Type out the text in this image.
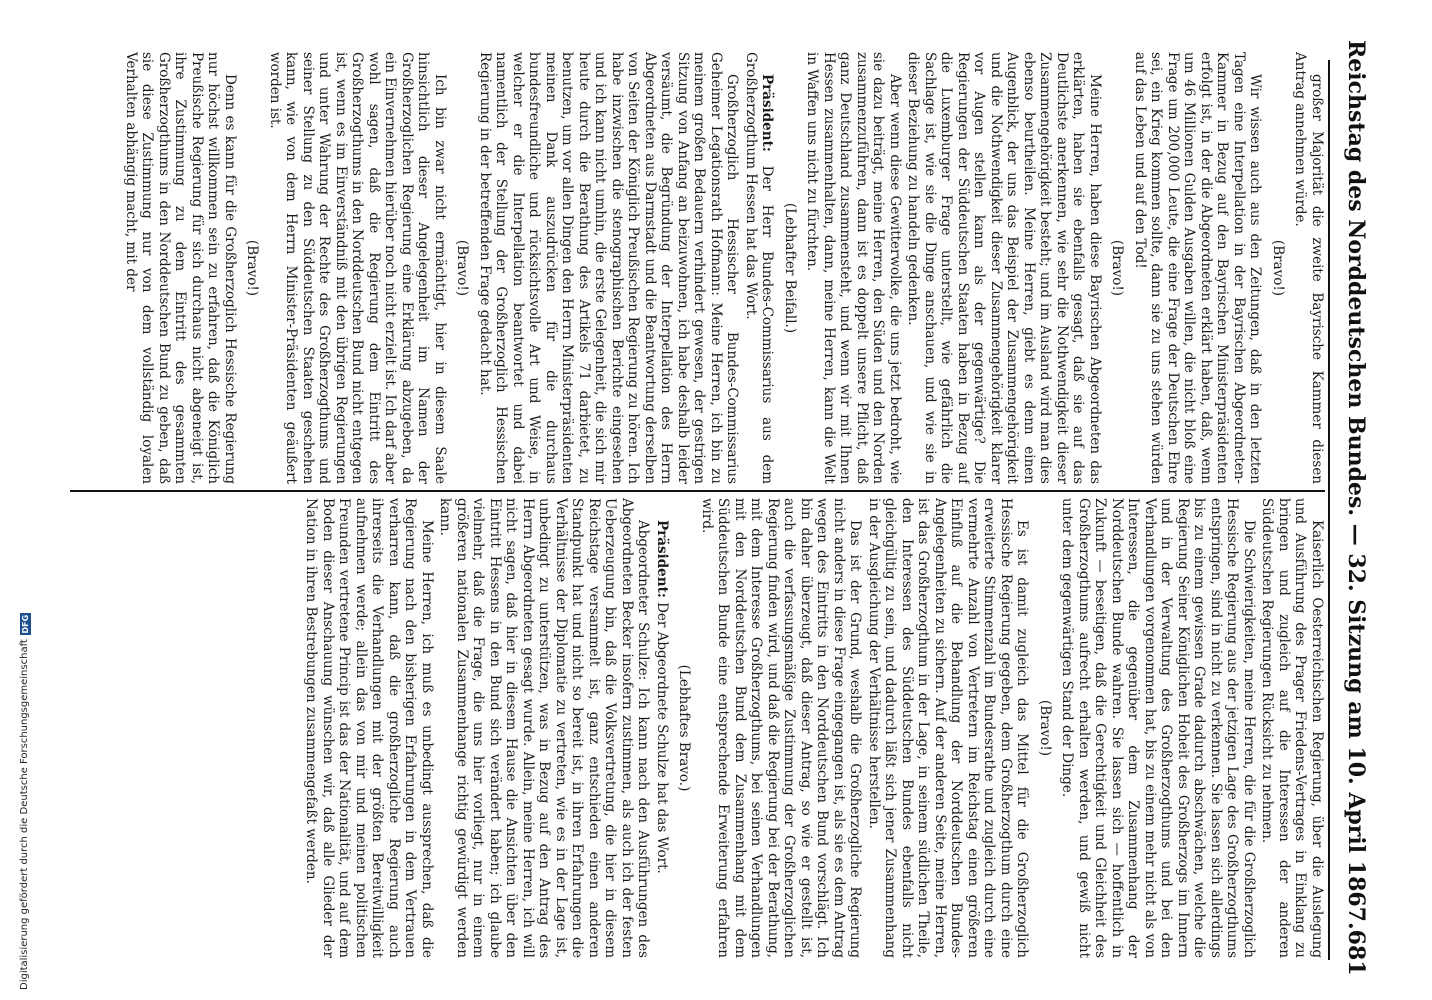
Reichstag des Norddeutschen Bundes. — 32. Sitzung am 10. April 1867.
681

Kaiserlich Oesterreichischen Regierung, über die Auslegung und Ausführung des Prager Friedens-Vertrages in Einklang zu bringen und zugleich auf die Interessen der anderen Süddeutschen Regierungen Rücksicht zu nehmen.

Die Schwierigkeiten, meine Herren, die für die Großherzoglich Hessische Regierung aus der jetzigen Lage des Großherzogthums entspringen, sind in nicht zu verkennen. Sie lassen sich allerdings bis zu einem gewissen Grade dadurch abschwächen, welche die Regierung Seiner Königlichen Hoheit des Großherzogs im Innern und in der Verwaltung des Großherzogthums und bei den Verhandlungen vorgenommen hat, bis zu einem mehr nicht als von Interessen, die gegenüber dem Zusammenhang der Norddeutschen Bunde wahren. Sie lassen sich — hoffentlich in Zukunft — beseitigen, daß die Gerechtigkeit und Gleichheit des Großherzogthums aufrecht erhalten werden, und gewiß nicht unter dem gegenwärtigen Stand der Dinge.

(Bravo!)

Es ist damit zugleich das Mittel für die Großherzoglich Hessische Regierung gegeben, dem Großherzogthum durch eine erweiterte Stimmenzahl im Bundesrathe und zugleich durch eine vermehrte Anzahl von Vertretern im Reichstag einen größeren Einfluß auf die Behandlung der Norddeutschen Bundes-Angelegenheiten zu sichern. Auf der anderen Seite, meine Herren, ist das Großherzogthum in der Lage, in seinem südlichen Theile, den Interessen des Süddeutschen Bundes ebenfalls nicht gleichgültig zu sein, und dadurch läßt sich jener Zusammenhang in der Ausgleichung der Verhältnisse herstellen.

Das ist der Grund, weshalb die Großherzogliche Regierung nicht anders in diese Frage eingegangen ist, als sie es dem Antrag wegen des Eintritts in den Norddeutschen Bund vorschlägt. Ich bin daher überzeugt, daß dieser Antrag, so wie er gestellt ist, auch die verfassungsmäßige Zustimmung der Großherzoglichen Regierung finden wird, und daß die Regierung bei der Berathung, mit dem Interesse Großherzogthums, bei seinen Verhandlungen mit den Norddeutschen Bund dem Zusammenhang mit dem Süddeutschen Bunde eine entsprechende Erweiterung erfahren wird.

(Lebhaftes Bravo.)

Präsident: Der Abgeordnete Schulze hat das Wort.

Abgeordneter Schulze: Ich kann nach den Ausführungen des Abgeordneten Becker insofern zustimmen, als auch ich der festen Ueberzeugung bin, daß die Volksvertretung, die hier in diesem Reichstage versammelt ist, ganz entschieden einen anderen Standpunkt hat und nicht so bereit ist, in ihren Erfahrungen die Verhältnisse der Diplomatie zu vertreten, wie es in der Lage ist, unbedingt zu unterstützen, was in Bezug auf den Antrag des Herrn Abgeordneten gesagt wurde. Allein, meine Herren, ich will nicht sagen, daß hier in diesem Hause die Ansichten über den Eintritt Hessens in den Bund sich verändert haben; ich glaube vielmehr, daß die Frage, die uns hier vorliegt, nur in einem größeren nationalen Zusammenhange richtig gewürdigt werden kann.

Meine Herren, ich muß es unbedingt aussprechen, daß die Regierung nach den bisherigen Erfahrungen in dem Vertrauen verharren kann, daß die großherzogliche Regierung auch ihrerseits die Verhandlungen mit der größten Bereitwilligkeit aufnehmen werde; allein das von mir und meinen politischen Freunden vertretene Princip ist das der Nationalität, und auf dem Boden dieser Anschauung wünschen wir, daß alle Glieder der Nation in ihren Bestrebungen zusammengefaßt werden.

großer Majorität die zweite Bayrische Kammer diesen Antrag annehmen würde.

(Bravo!)

Wir wissen auch aus den Zeitungen, daß in den letzten Tagen eine Interpellation in der Bayrischen Abgeordneten-Kammer in Bezug auf den Bayrischen Ministerpräsidenten erfolgt ist, in der die Abgeordneten erklärt haben, daß, wenn um 46 Millionen Gulden Ausgaben willen, die nicht bloß eine Frage um 200,000 Leute, die eine Frage der Deutschen Ehre sei, ein Krieg kommen sollte, dann sie zu uns stehen würden auf das Leben und auf den Tod!

(Bravo!)

Meine Herren, haben diese Bayrischen Abgeordneten das erklärten, haben sie ebenfalls gesagt, daß sie auf das Deutlichste anerkennen, wie sehr die Nothwendigkeit dieser Zusammengehörigkeit besteht; und im Ausland wird man dies ebenso beurtheilen. Meine Herren, giebt es denn einen Augenblick, der uns das Beispiel der Zusammengehörigkeit und die Nothwendigkeit dieser Zusammengehörigkeit klarer vor Augen stellen kann als der gegenwärtige? Die Regierungen der Süddeutschen Staaten haben in Bezug auf die Luxemburger Frage unterstellt, wie gefährlich die Sachlage ist, wie sie die Dinge anschauen, und wie sie in dieser Beziehung zu handeln gedenken.

Aber wenn diese Gewitterwolke, die uns jetzt bedroht, wie sie dazu beiträgt, meine Herren, den Süden und den Norden zusammenzuführen, dann ist es doppelt unsere Pflicht, daß ganz Deutschland zusammensteht, und wenn wir mit Ihnen Hessen zusammenhalten, dann, meine Herren, kann die Welt in Waffen uns nicht zu fürchten.

(Lebhafter Beifall.)

Präsident: Der Herr Bundes-Commissarius aus dem Großherzogthum Hessen hat das Wort.

Großherzoglich Hessischer Bundes-Commissarius Geheimer Legationsrath Hofmann: Meine Herren, ich bin zu meinem großen Bedauern verhindert gewesen, der gestrigen Sitzung von Anfang an beizuwohnen, ich habe deshalb leider versäumt, die Begründung der Interpellation des Herrn Abgeordneten aus Darmstadt und die Beantwortung derselben von Seiten der Königlich Preußischen Regierung zu hören. Ich habe inzwischen die stenographischen Berichte eingesehen und ich kann nicht umhin, die erste Gelegenheit, die sich mir heute durch die Berathung des Artikels 71 darbietet, zu benutzen, um vor allen Dingen den Herrn Ministerpräsidenten meinen Dank auszudrücken für die durchaus bundesfreundliche und rücksichtsvolle Art und Weise, in welcher er die Interpellation beantwortet und dabei namentlich der Stellung der Großherzoglich Hessischen Regierung in der betreffenden Frage gedacht hat.

(Bravo!)

Ich bin zwar nicht ermächtigt, hier in diesem Saale hinsichtlich dieser Angelegenheit im Namen der Großherzoglichen Regierung eine Erklärung abzugeben, da ein Einvernehmen hierüber noch nicht erzielt ist. Ich darf aber wohl sagen, daß die Regierung dem Eintritt des Großherzogthums in den Norddeutschen Bund nicht entgegen ist, wenn es im Einverständniß mit den übrigen Regierungen und unter Wahrung der Rechte des Großherzogthums und seiner Stellung zu den Süddeutschen Staaten geschehen kann, wie von dem Herrn Minister-Präsidenten geäußert worden ist.

(Bravo!)

Denn es kann für die Großherzoglich Hessische Regierung nur höchst willkommen sein zu erfahren, daß die Königlich Preußische Regierung für sich durchaus nicht abgeneigt ist, ihre Zustimmung zu dem Eintritt des gesammten Großherzogthums in den Norddeutschen Bund zu geben, daß sie diese Zustimmung nur von dem vollständig loyalen Verhalten abhängig macht, mit der

Digitalisierung gefördert durch die Deutsche Forschungsgemeinschaft
DFG
